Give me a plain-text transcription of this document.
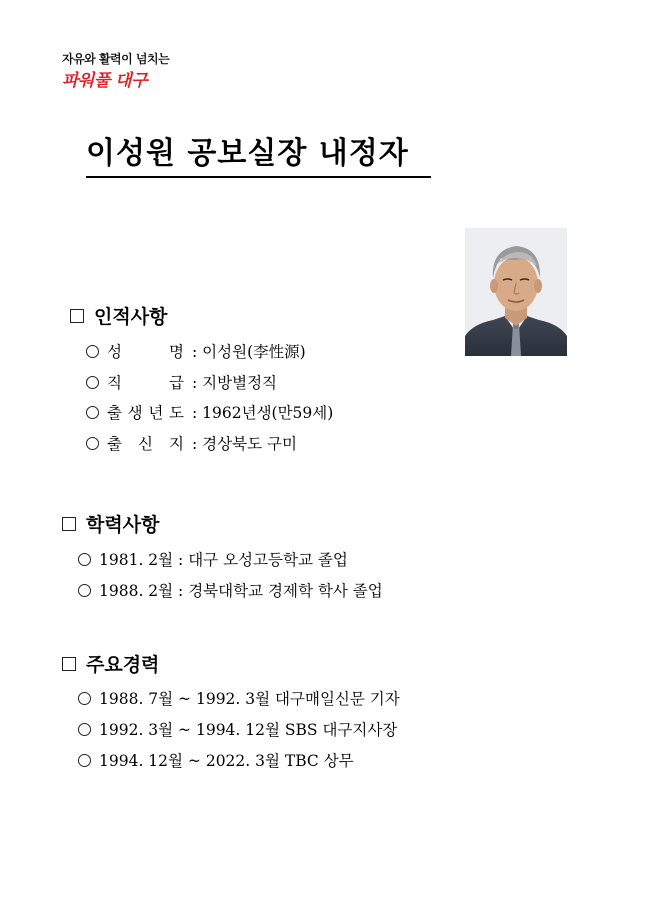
자유와 활력이 넘치는
파워풀 대구
이성원 공보실장 내정자
인적사항
성	명 : 이성원(李性源)
직	급 : 지방별정직
출 생 년 도 : 1962년생(만59세)
출 신 지 : 경상북도 구미
학력사항
1981. 2월 : 대구 오성고등학교 졸업
1988. 2월 : 경북대학교 경제학 학사 졸업
주요경력
1988. 7월 ~ 1992. 3월 대구매일신문 기자
1992. 3월 ~ 1994. 12월 SBS 대구지사장
1994. 12월 ~ 2022. 3월 TBC 상무
